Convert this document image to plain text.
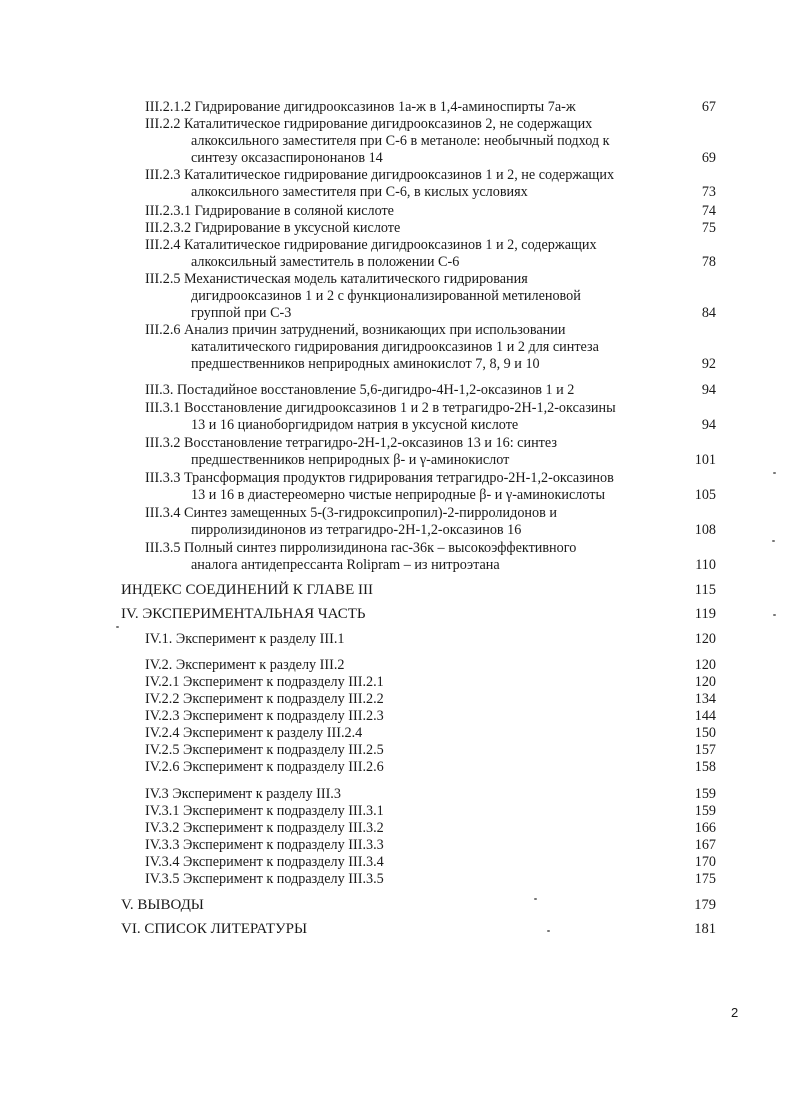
III.2.1.2 Гидрирование дигидрооксазинов 1а-ж в 1,4-аминоспирты 7а-ж	67
III.2.2 Каталитическое гидрирование дигидрооксазинов 2, не содержащих
алкоксильного заместителя при С-6 в метаноле: необычный подход к
синтезу оксазаспирононанов 14	69
III.2.3 Каталитическое гидрирование дигидрооксазинов 1 и 2, не содержащих
алкоксильного заместителя при С-6, в кислых условиях	73
III.2.3.1 Гидрирование в соляной кислоте	74
III.2.3.2 Гидрирование в уксусной кислоте	75
III.2.4 Каталитическое гидрирование дигидрооксазинов 1 и 2, содержащих
алкоксильный заместитель в положении С-6	78
III.2.5 Механистическая модель каталитического гидрирования
дигидрооксазинов 1 и 2 с функционализированной метиленовой
группой при С-3	84
III.2.6 Анализ причин затруднений, возникающих при использовании
каталитического гидрирования дигидрооксазинов 1 и 2 для синтеза
предшественников неприродных аминокислот 7, 8, 9 и 10	92
III.3. Постадийное восстановление 5,6-дигидро-4H-1,2-оксазинов 1 и 2	94
III.3.1 Восстановление дигидрооксазинов 1 и 2 в тетрагидро-2H-1,2-оксазины
13 и 16 цианоборгидридом натрия в уксусной кислоте	94
III.3.2 Восстановление тетрагидро-2H-1,2-оксазинов 13 и 16: синтез
предшественников неприродных β- и γ-аминокислот	101
III.3.3 Трансформация продуктов гидрирования тетрагидро-2H-1,2-оксазинов
13 и 16 в диастереомерно чистые неприродные β- и γ-аминокислоты	105
III.3.4 Синтез замещенных 5-(3-гидроксипропил)-2-пирролидонов и
пирролизидинонов из тетрагидро-2H-1,2-оксазинов 16	108
III.3.5 Полный синтез пирролизидинона rac-36к – высокоэффективного
аналога антидепрессанта Rolipram – из нитроэтана	110
ИНДЕКС СОЕДИНЕНИЙ К ГЛАВЕ III	115
IV. ЭКСПЕРИМЕНТАЛЬНАЯ ЧАСТЬ	119
IV.1. Эксперимент к разделу III.1	120
IV.2. Эксперимент к разделу III.2	120
IV.2.1 Эксперимент к подразделу III.2.1	120
IV.2.2 Эксперимент к подразделу III.2.2	134
IV.2.3 Эксперимент к подразделу III.2.3	144
IV.2.4 Эксперимент к разделу III.2.4	150
IV.2.5 Эксперимент к подразделу III.2.5	157
IV.2.6 Эксперимент к подразделу III.2.6	158
IV.3 Эксперимент к разделу III.3	159
IV.3.1 Эксперимент к подразделу III.3.1	159
IV.3.2 Эксперимент к подразделу III.3.2	166
IV.3.3 Эксперимент к подразделу III.3.3	167
IV.3.4 Эксперимент к подразделу III.3.4	170
IV.3.5 Эксперимент к подразделу III.3.5	175
V. ВЫВОДЫ	179
VI. СПИСОК ЛИТЕРАТУРЫ	181
2
